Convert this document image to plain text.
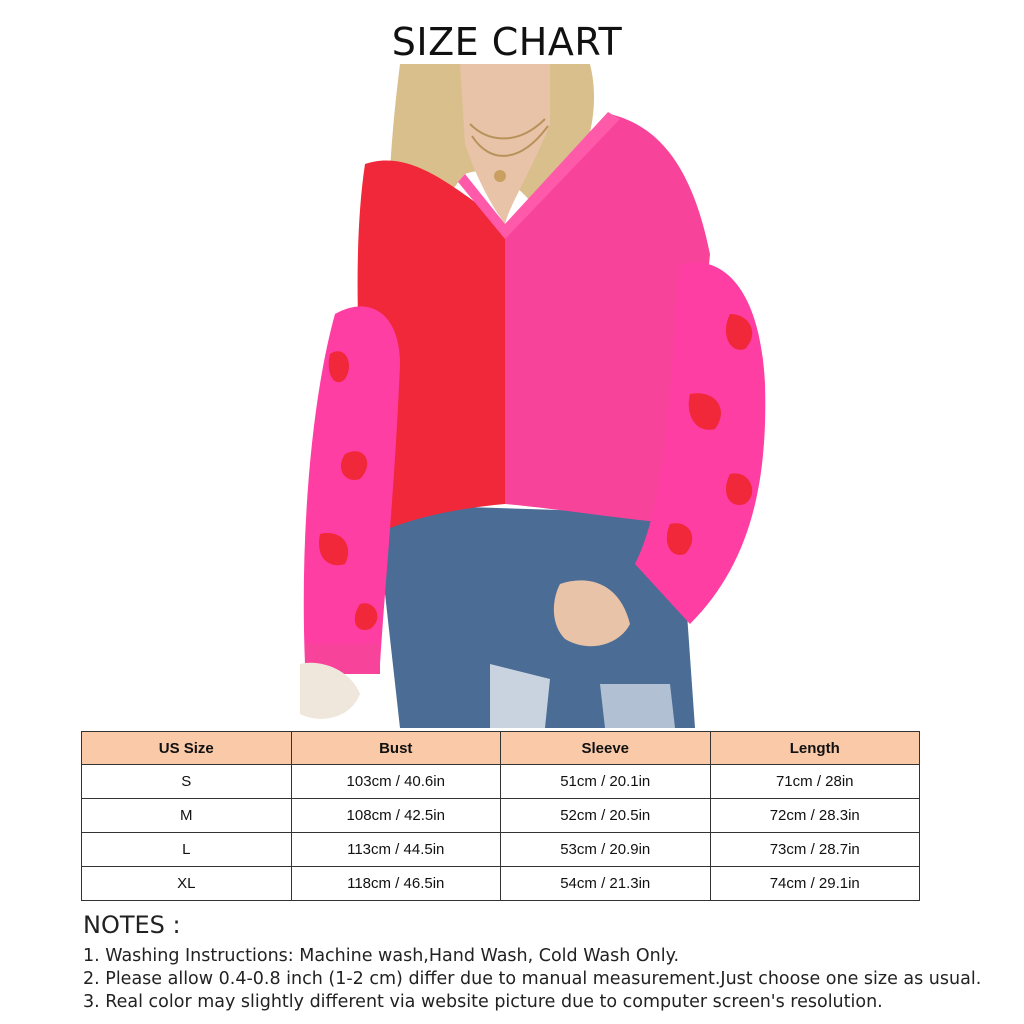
SIZE CHART
US Size	Bust	Sleeve	Length
S	103cm / 40.6in	51cm / 20.1in	71cm / 28in
M	108cm / 42.5in	52cm / 20.5in	72cm / 28.3in
L	113cm / 44.5in	53cm / 20.9in	73cm / 28.7in
XL	118cm / 46.5in	54cm / 21.3in	74cm / 29.1in
NOTES :
1. Washing Instructions: Machine wash,Hand Wash, Cold Wash Only.
2. Please allow 0.4-0.8 inch (1-2 cm) differ due to manual measurement.Just choose one size as usual.
3. Real color may slightly different via website picture due to computer screen's resolution.
